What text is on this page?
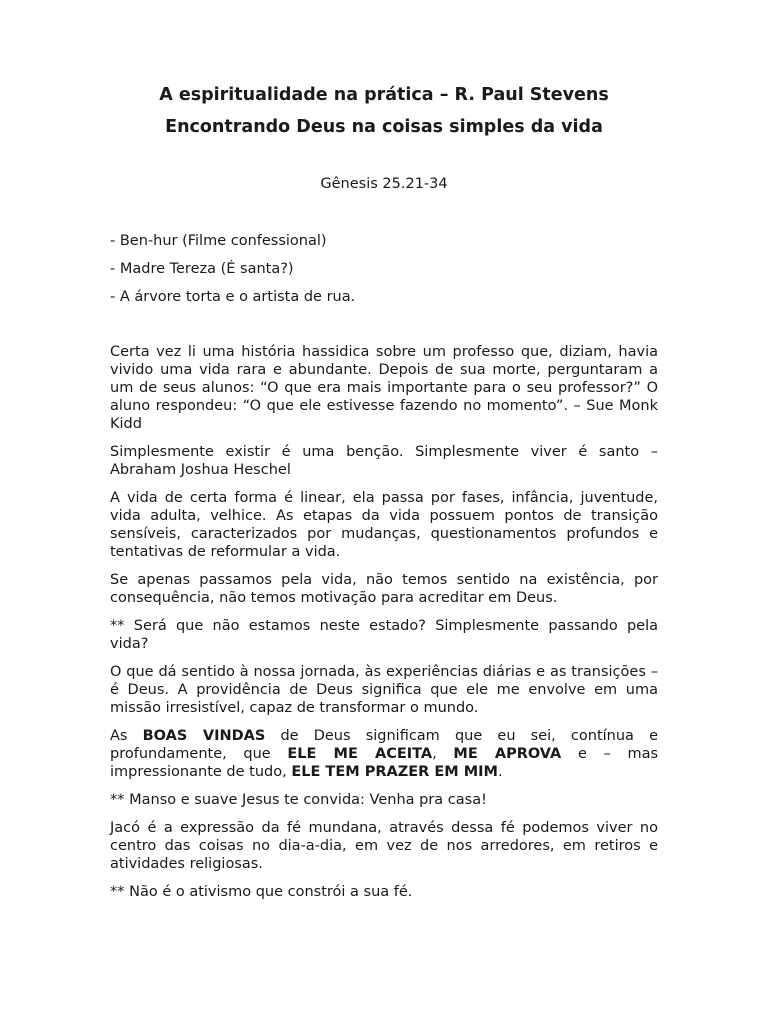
A espiritualidade na prática – R. Paul Stevens
Encontrando Deus na coisas simples da vida

Gênesis 25.21-34

- Ben-hur (Filme confessional)
- Madre Tereza (É santa?)
- A árvore torta e o artista de rua.

Certa vez li uma história hassidica sobre um professo que, diziam, havia vivido uma vida rara e abundante. Depois de sua morte, perguntaram a um de seus alunos: “O que era mais importante para o seu professor?” O aluno respondeu: “O que ele estivesse fazendo no momento”. – Sue Monk Kidd

Simplesmente existir é uma benção. Simplesmente viver é santo – Abraham Joshua Heschel

A vida de certa forma é linear, ela passa por fases, infância, juventude, vida adulta, velhice. As etapas da vida possuem pontos de transição sensíveis, caracterizados por mudanças, questionamentos profundos e tentativas de reformular a vida.

Se apenas passamos pela vida, não temos sentido na existência, por consequência, não temos motivação para acreditar em Deus.

** Será que não estamos neste estado? Simplesmente passando pela vida?

O que dá sentido à nossa jornada, às experiências diárias e as transições – é Deus. A providência de Deus significa que ele me envolve em uma missão irresistível, capaz de transformar o mundo.

As BOAS VINDAS de Deus significam que eu sei, contínua e profundamente, que ELE ME ACEITA, ME APROVA e – mas impressionante de tudo, ELE TEM PRAZER EM MIM.

** Manso e suave Jesus te convida: Venha pra casa!

Jacó é a expressão da fé mundana, através dessa fé podemos viver no centro das coisas no dia-a-dia, em vez de nos arredores, em retiros e atividades religiosas.

** Não é o ativismo que constrói a sua fé.
